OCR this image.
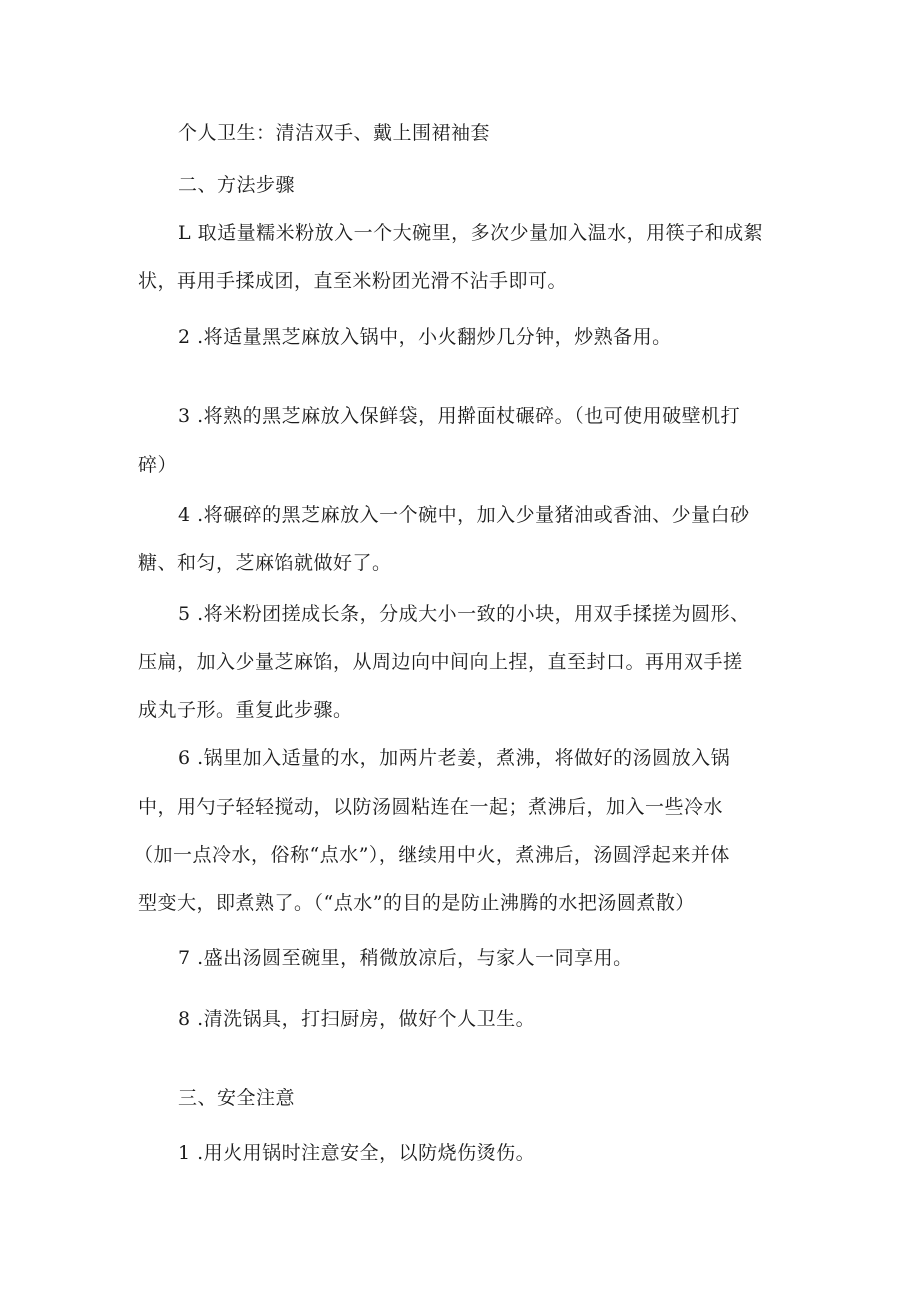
个人卫生：清洁双手、戴上围裙袖套
二、方法步骤
L 取适量糯米粉放入一个大碗里，多次少量加入温水，用筷子和成絮
状，再用手揉成团，直至米粉团光滑不沾手即可。
2 .将适量黑芝麻放入锅中，小火翻炒几分钟，炒熟备用。
3 .将熟的黑芝麻放入保鲜袋，用擀面杖碾碎。（也可使用破壁机打
碎）
4 .将碾碎的黑芝麻放入一个碗中，加入少量猪油或香油、少量白砂
糖、和匀，芝麻馅就做好了。
5 .将米粉团搓成长条，分成大小一致的小块，用双手揉搓为圆形、
压扁，加入少量芝麻馅，从周边向中间向上捏，直至封口。再用双手搓
成丸子形。重复此步骤。
6 .锅里加入适量的水，加两片老姜，煮沸，将做好的汤圆放入锅
中，用勺子轻轻搅动，以防汤圆粘连在一起；煮沸后，加入一些冷水
（加一点冷水，俗称“点水”），继续用中火，煮沸后，汤圆浮起来并体
型变大，即煮熟了。（“点水”的目的是防止沸腾的水把汤圆煮散）
7 .盛出汤圆至碗里，稍微放凉后，与家人一同享用。
8 .清洗锅具，打扫厨房，做好个人卫生。
三、安全注意
1 .用火用锅时注意安全，以防烧伤烫伤。
